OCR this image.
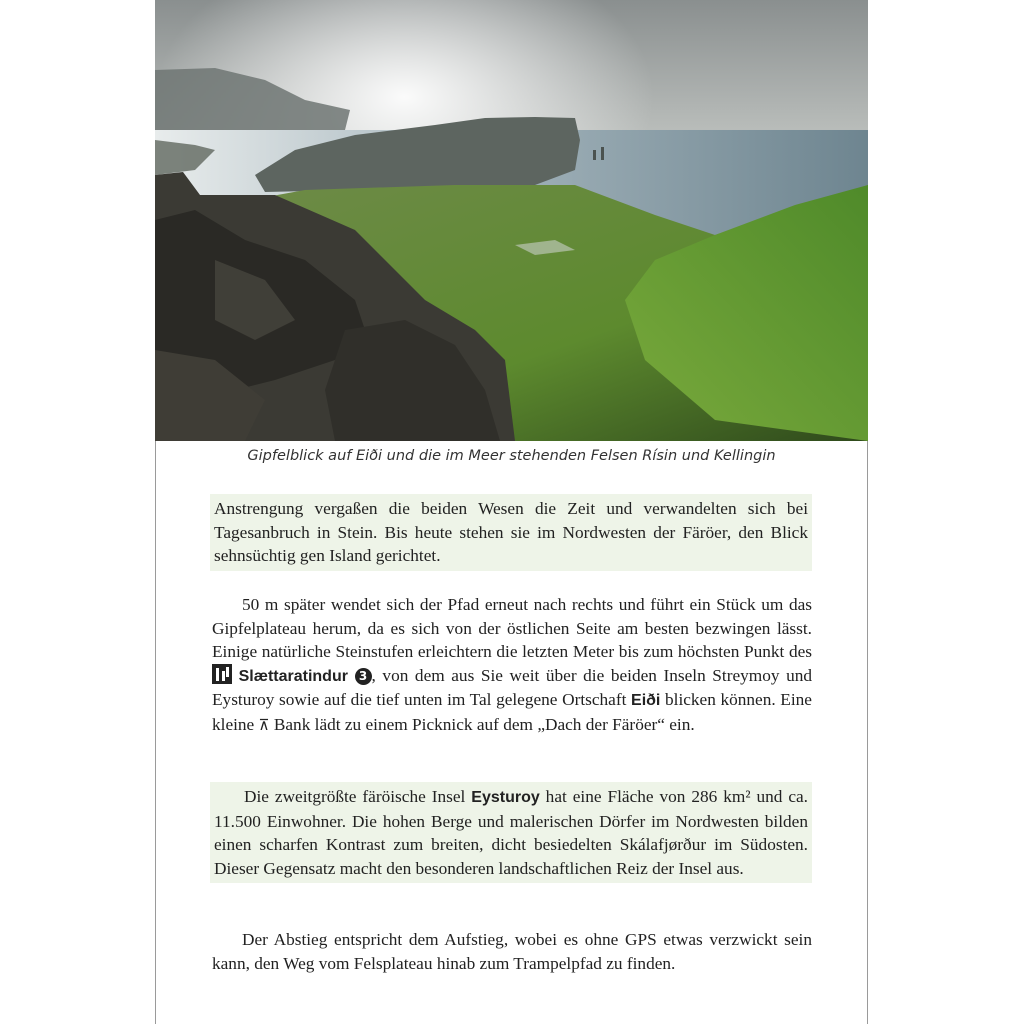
Gipfelblick auf Eiði und die im Meer stehenden Felsen Rísin und Kellingin
Anstrengung vergaßen die beiden Wesen die Zeit und verwandelten sich bei Tagesanbruch in Stein. Bis heute stehen sie im Nordwesten der Färöer, den Blick sehnsüchtig gen Island gerichtet.
50 m später wendet sich der Pfad erneut nach rechts und führt ein Stück um das Gipfelplateau herum, da es sich von der östlichen Seite am besten bezwingen lässt. Einige natürliche Steinstufen erleichtern die letzten Meter bis zum höchsten Punkt des  Slættaratindur 3 , von dem aus Sie weit über die beiden Inseln Streymoy und Eysturoy sowie auf die tief unten im Tal gelegene Ortschaft Eiði blicken können. Eine kleine ⊼ Bank lädt zu einem Picknick auf dem „Dach der Färöer“ ein.
Die zweitgrößte färöische Insel Eysturoy hat eine Fläche von 286 km² und ca. 11.500 Einwohner. Die hohen Berge und malerischen Dörfer im Nordwesten bilden einen scharfen Kontrast zum breiten, dicht besiedelten Skálafjørður im Südosten. Dieser Gegensatz macht den besonderen landschaftlichen Reiz der Insel aus.
Der Abstieg entspricht dem Aufstieg, wobei es ohne GPS etwas verzwickt sein kann, den Weg vom Felsplateau hinab zum Trampelpfad zu finden.
